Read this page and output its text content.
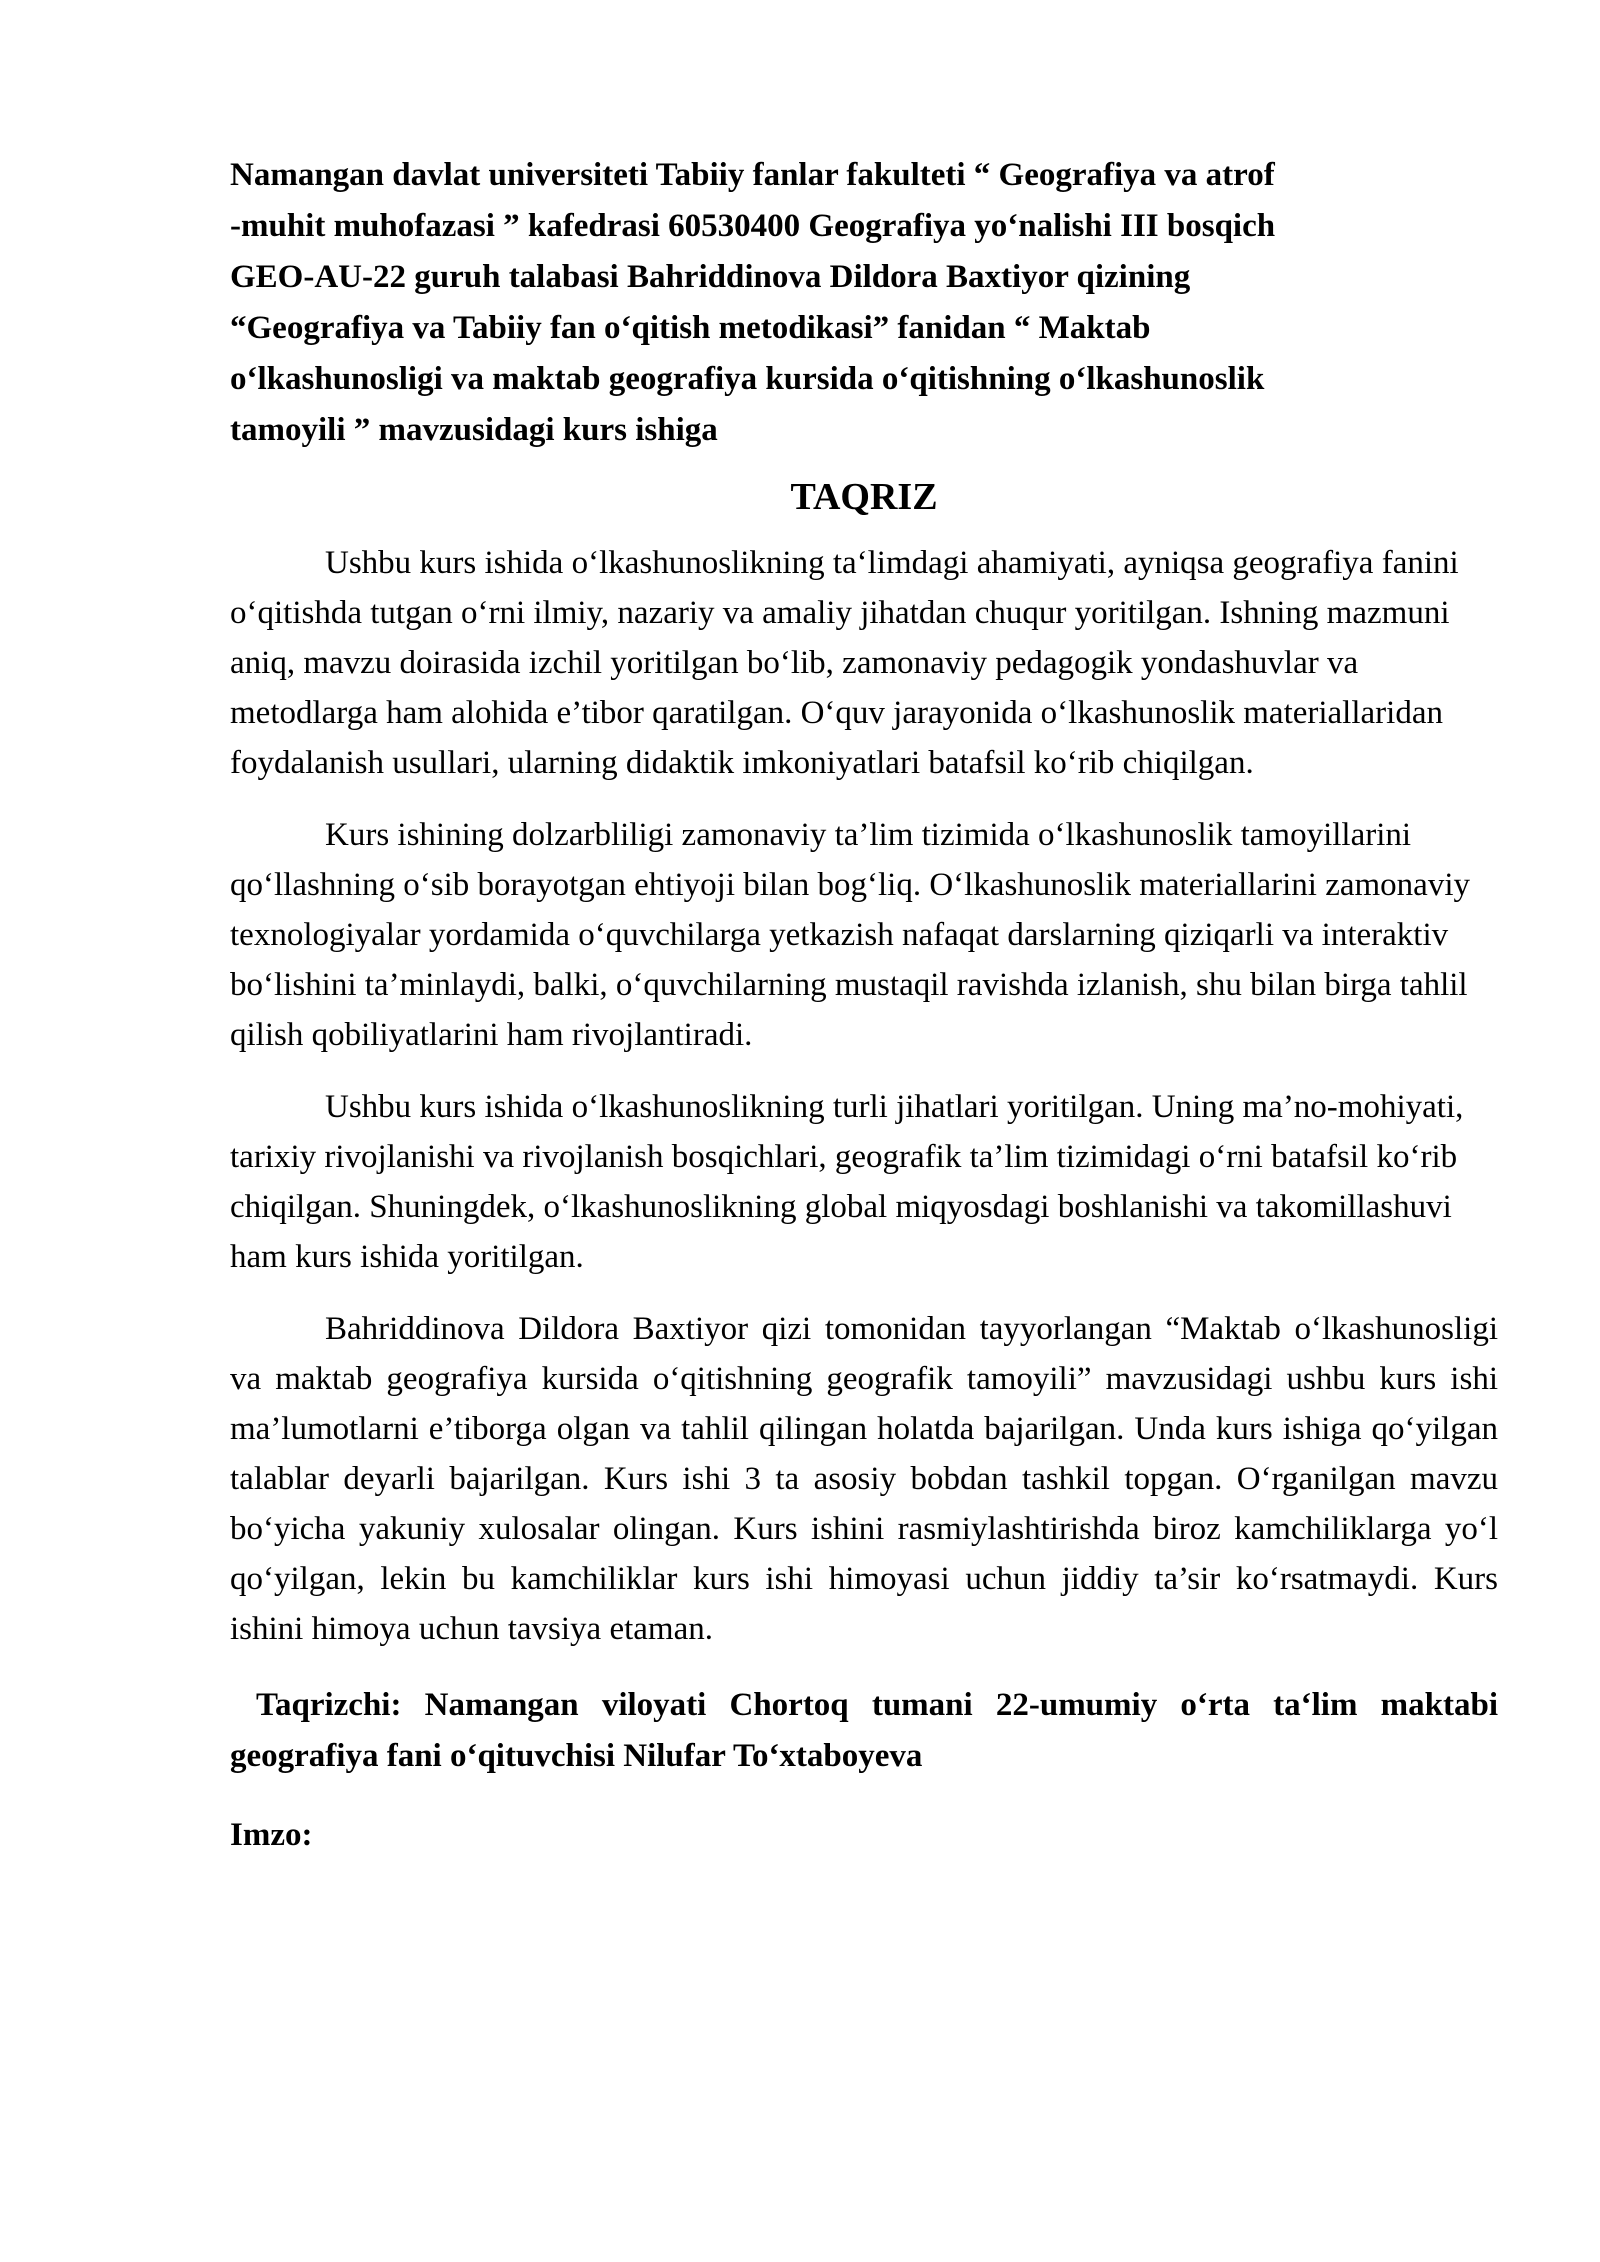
Namangan davlat universiteti Tabiiy fanlar fakulteti “ Geografiya va atrof
-muhit muhofazasi ” kafedrasi 60530400 Geografiya yoʻnalishi III bosqich
GEO-AU-22 guruh talabasi Bahriddinova Dildora Baxtiyor qizining
“Geografiya va Tabiiy fan oʻqitish metodikasi” fanidan “ Maktab
oʻlkashunosligi va maktab geografiya kursida oʻqitishning oʻlkashunoslik
tamoyili ” mavzusidagi kurs ishiga

TAQRIZ

Ushbu kurs ishida oʻlkashunoslikning taʻlimdagi ahamiyati, ayniqsa geografiya fanini oʻqitishda tutgan oʻrni ilmiy, nazariy va amaliy jihatdan chuqur yoritilgan. Ishning mazmuni aniq, mavzu doirasida izchil yoritilgan boʻlib, zamonaviy pedagogik yondashuvlar va metodlarga ham alohida e’tibor qaratilgan. Oʻquv jarayonida oʻlkashunoslik materiallaridan foydalanish usullari, ularning didaktik imkoniyatlari batafsil koʻrib chiqilgan.

Kurs ishining dolzarbliligi zamonaviy ta’lim tizimida oʻlkashunoslik tamoyillarini qoʻllashning oʻsib borayotgan ehtiyoji bilan bogʻliq. Oʻlkashunoslik materiallarini zamonaviy texnologiyalar yordamida oʻquvchilarga yetkazish nafaqat darslarning qiziqarli va interaktiv boʻlishini ta’minlaydi, balki, oʻquvchilarning mustaqil ravishda izlanish, shu bilan birga tahlil qilish qobiliyatlarini ham rivojlantiradi.

Ushbu kurs ishida oʻlkashunoslikning turli jihatlari yoritilgan. Uning ma’no-mohiyati, tarixiy rivojlanishi va rivojlanish bosqichlari, geografik ta’lim tizimidagi oʻrni batafsil koʻrib chiqilgan. Shuningdek, oʻlkashunoslikning global miqyosdagi boshlanishi va takomillashuvi ham kurs ishida yoritilgan.

Bahriddinova Dildora Baxtiyor qizi tomonidan tayyorlangan “Maktab oʻlkashunosligi va maktab geografiya kursida oʻqitishning geografik tamoyili” mavzusidagi ushbu kurs ishi ma’lumotlarni e’tiborga olgan va tahlil qilingan holatda bajarilgan. Unda kurs ishiga qoʻyilgan talablar deyarli bajarilgan. Kurs ishi 3 ta asosiy bobdan tashkil topgan. Oʻrganilgan mavzu boʻyicha yakuniy xulosalar olingan. Kurs ishini rasmiylashtirishda biroz kamchiliklarga yoʻl qoʻyilgan, lekin bu kamchiliklar kurs ishi himoyasi uchun jiddiy ta’sir koʻrsatmaydi. Kurs ishini himoya uchun tavsiya etaman.

Taqrizchi: Namangan viloyati Chortoq tumani 22-umumiy oʻrta taʻlim maktabi geografiya fani oʻqituvchisi Nilufar Toʻxtaboyeva

Imzo:
